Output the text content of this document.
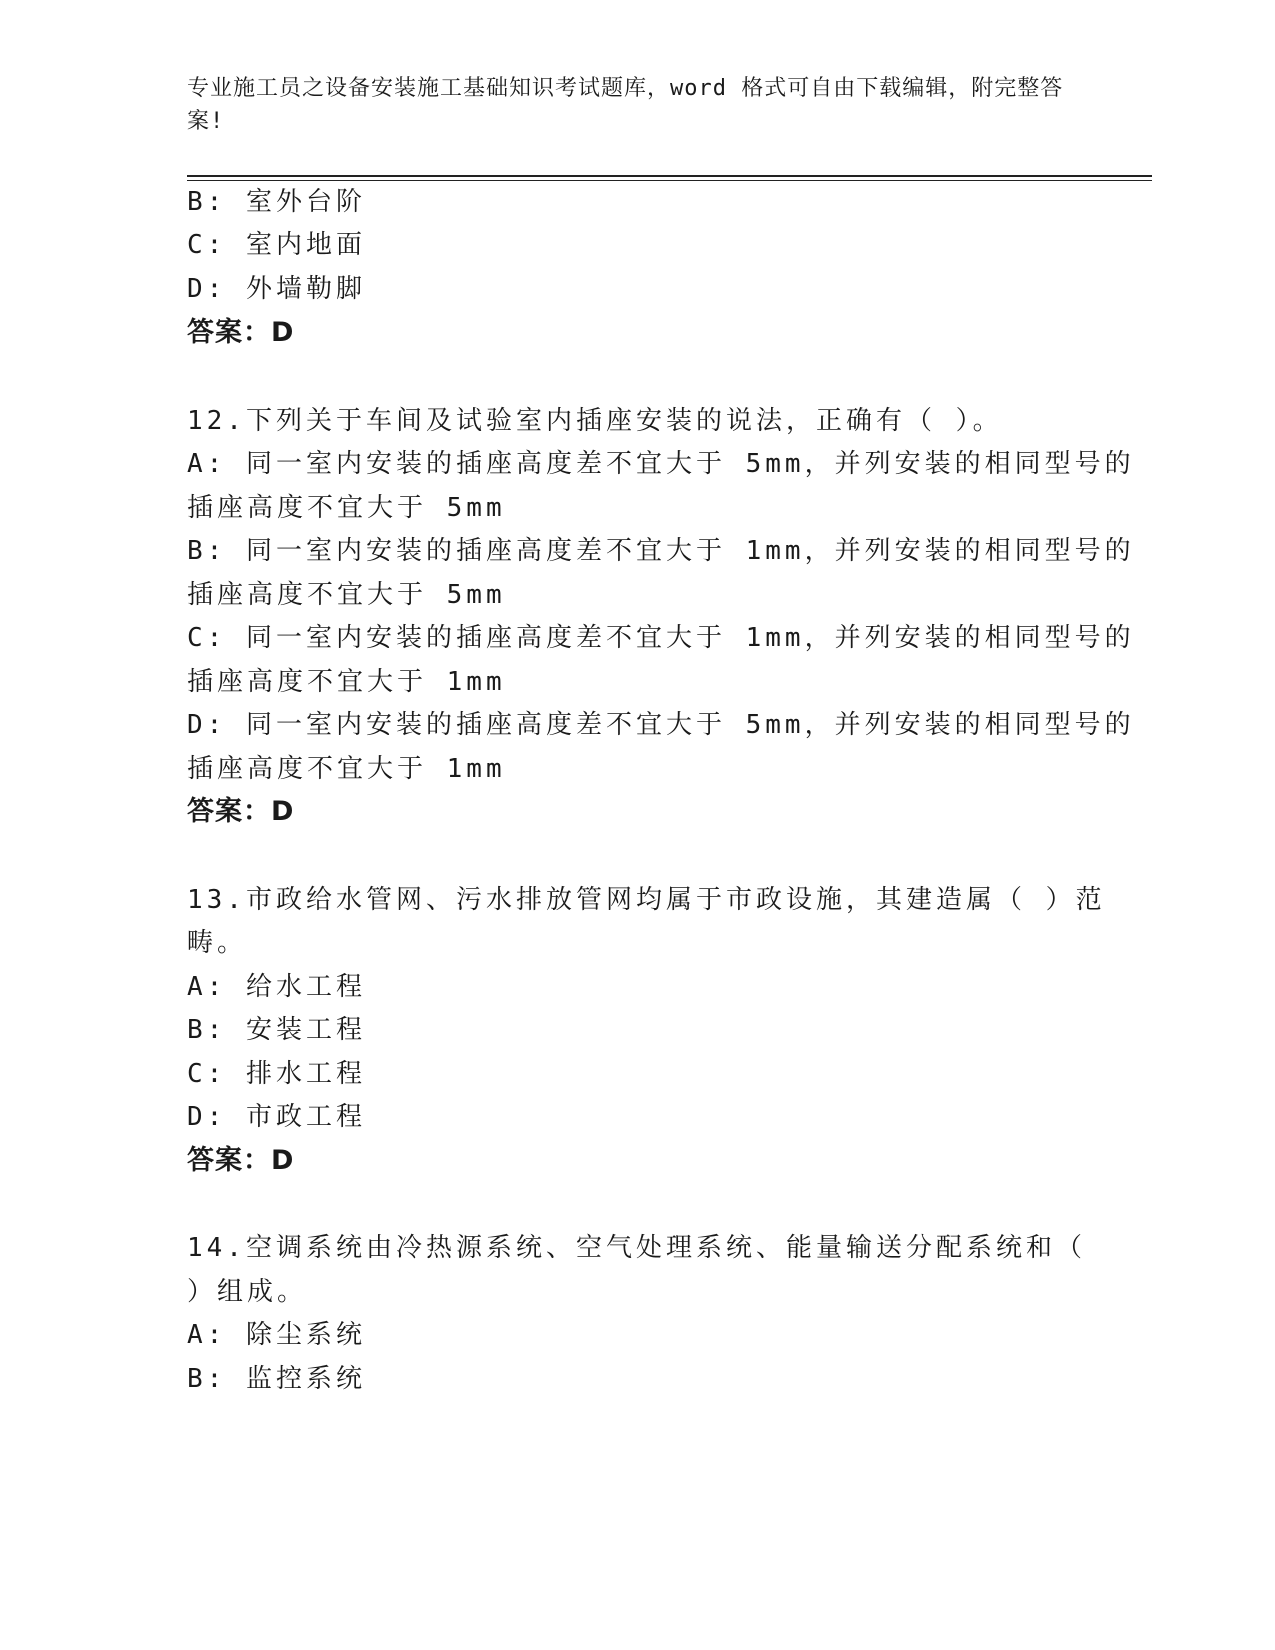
专业施工员之设备安装施工基础知识考试题库，word 格式可自由下载编辑，附完整答案!
B: 室外台阶
C: 室内地面
D: 外墙勒脚
答案：D
12.下列关于车间及试验室内插座安装的说法，正确有（ ）。
A: 同一室内安装的插座高度差不宜大于 5mm，并列安装的相同型号的
插座高度不宜大于 5mm
B: 同一室内安装的插座高度差不宜大于 1mm，并列安装的相同型号的
插座高度不宜大于 5mm
C: 同一室内安装的插座高度差不宜大于 1mm，并列安装的相同型号的
插座高度不宜大于 1mm
D: 同一室内安装的插座高度差不宜大于 5mm，并列安装的相同型号的
插座高度不宜大于 1mm
答案：D
13.市政给水管网、污水排放管网均属于市政设施，其建造属（ ）范
畴。
A: 给水工程
B: 安装工程
C: 排水工程
D: 市政工程
答案：D
14.空调系统由冷热源系统、空气处理系统、能量输送分配系统和（
）组成。
A: 除尘系统
B: 监控系统
